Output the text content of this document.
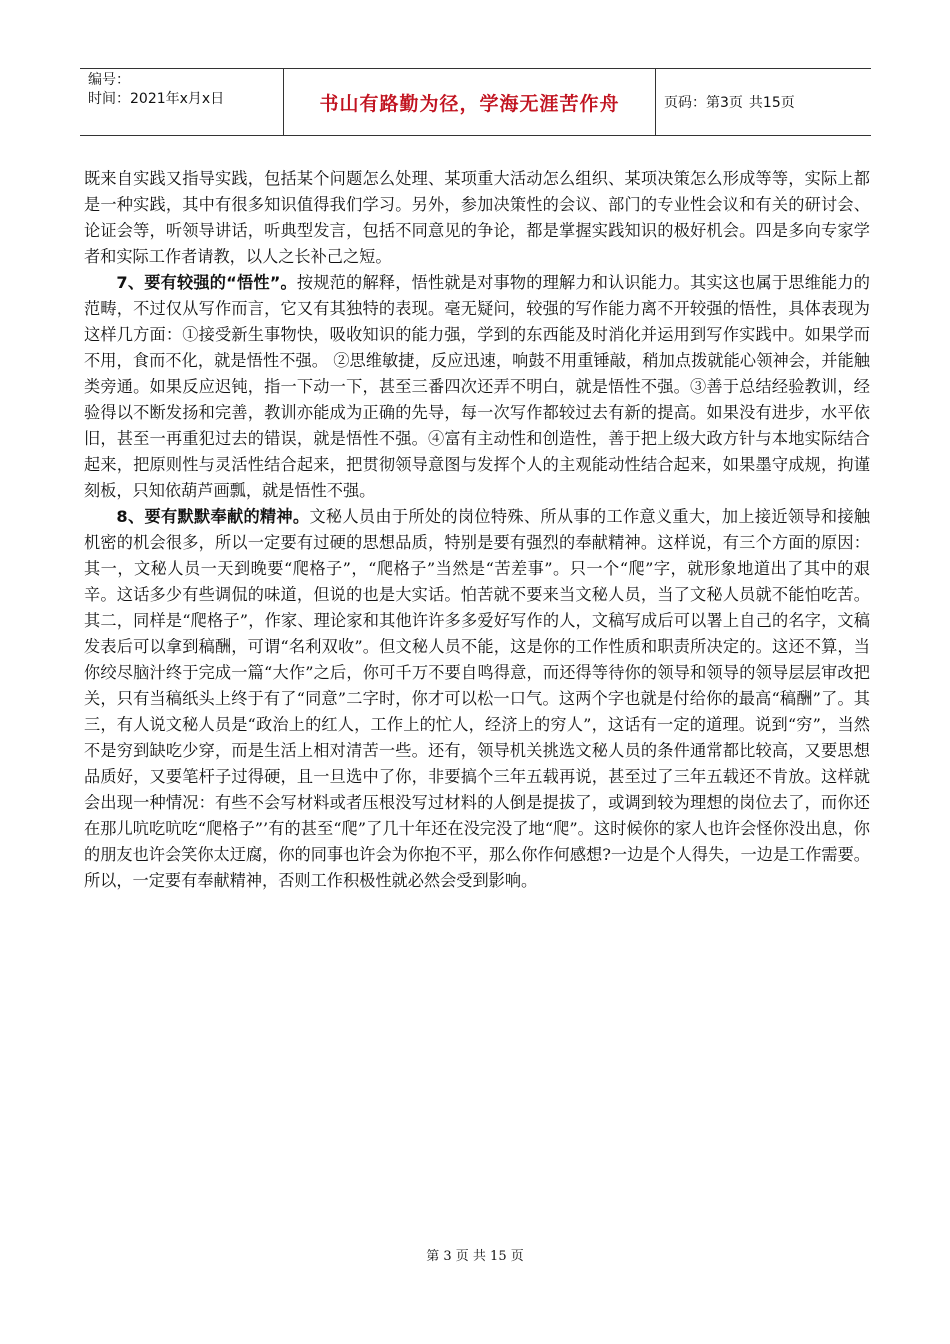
编号：
时间：2021年x月x日	书山有路勤为径，学海无涯苦作舟	页码：第3页 共15页

既来自实践又指导实践，包括某个问题怎么处理、某项重大活动怎么组织、某项决策怎么形成等等，实际上都是一种实践，其中有很多知识值得我们学习。另外，参加决策性的会议、部门的专业性会议和有关的研讨会、论证会等，听领导讲话，听典型发言，包括不同意见的争论，都是掌握实践知识的极好机会。四是多向专家学者和实际工作者请教，以人之长补己之短。

7、要有较强的“悟性”。按规范的解释，悟性就是对事物的理解力和认识能力。其实这也属于思维能力的范畴，不过仅从写作而言，它又有其独特的表现。毫无疑问，较强的写作能力离不开较强的悟性，具体表现为这样几方面：①接受新生事物快，吸收知识的能力强，学到的东西能及时消化并运用到写作实践中。如果学而不用，食而不化，就是悟性不强。 ②思维敏捷，反应迅速，响鼓不用重锤敲，稍加点拨就能心领神会，并能触类旁通。如果反应迟钝，指一下动一下，甚至三番四次还弄不明白，就是悟性不强。③善于总结经验教训，经验得以不断发扬和完善，教训亦能成为正确的先导，每一次写作都较过去有新的提高。如果没有进步，水平依旧，甚至一再重犯过去的错误，就是悟性不强。④富有主动性和创造性，善于把上级大政方针与本地实际结合起来，把原则性与灵活性结合起来，把贯彻领导意图与发挥个人的主观能动性结合起来，如果墨守成规，拘谨刻板，只知依葫芦画瓢，就是悟性不强。

8、要有默默奉献的精神。文秘人员由于所处的岗位特殊、所从事的工作意义重大，加上接近领导和接触机密的机会很多，所以一定要有过硬的思想品质，特别是要有强烈的奉献精神。这样说，有三个方面的原因：其一，文秘人员一天到晚要“爬格子”，“爬格子”当然是“苦差事”。只一个“爬”字，就形象地道出了其中的艰辛。这话多少有些调侃的味道，但说的也是大实话。怕苦就不要来当文秘人员，当了文秘人员就不能怕吃苦。其二，同样是“爬格子”，作家、理论家和其他许许多多爱好写作的人，文稿写成后可以署上自己的名字，文稿发表后可以拿到稿酬，可谓“名利双收”。但文秘人员不能，这是你的工作性质和职责所决定的。这还不算，当你绞尽脑汁终于完成一篇“大作”之后，你可千万不要自鸣得意，而还得等待你的领导和领导的领导层层审改把关，只有当稿纸头上终于有了“同意”二字时，你才可以松一口气。这两个字也就是付给你的最高“稿酬”了。其三，有人说文秘人员是“政治上的红人，工作上的忙人，经济上的穷人”，这话有一定的道理。说到“穷”，当然不是穷到缺吃少穿，而是生活上相对清苦一些。还有，领导机关挑选文秘人员的条件通常都比较高，又要思想品质好，又要笔杆子过得硬，且一旦选中了你，非要搞个三年五载再说，甚至过了三年五载还不肯放。这样就会出现一种情况：有些不会写材料或者压根没写过材料的人倒是提拔了，或调到较为理想的岗位去了，而你还在那儿吭吃吭吃“爬格子”’有的甚至“爬”了几十年还在没完没了地“爬”。这时候你的家人也许会怪你没出息，你的朋友也许会笑你太迂腐，你的同事也许会为你抱不平，那么你作何感想?一边是个人得失，一边是工作需要。所以，一定要有奉献精神，否则工作积极性就必然会受到影响。

第 3 页 共 15 页
